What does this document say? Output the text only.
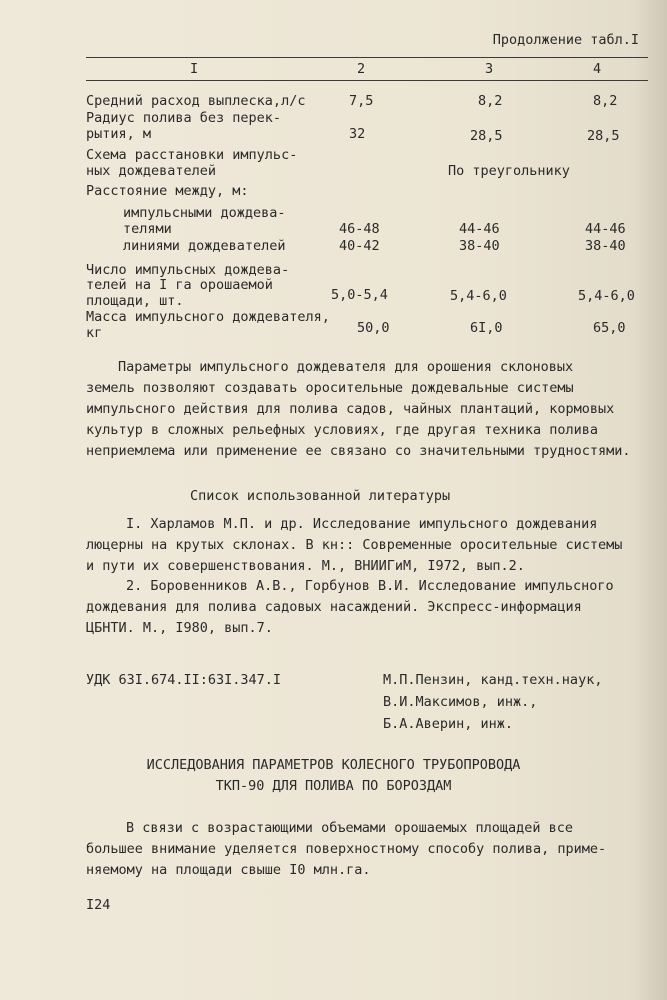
Продолжение табл.I
I	2	3	4
Средний расход выплеска,л/с	7,5	8,2	8,2
Радиус полива без перек-
рытия, м	32	28,5	28,5
Схема расстановки импульс-
ных дождевателей	По треугольнику
Расстояние между, м:
импульсными дождева-
телями	46-48	44-46	44-46
линиями дождевателей	40-42	38-40	38-40
Число импульсных дождева-
телей на I га орошаемой
площади, шт.	5,0-5,4	5,4-6,0	5,4-6,0
Масса импульсного дождевателя,
кг	50,0	6I,0	65,0
Параметры импульсного дождевателя для орошения склоновых
земель позволяют создавать оросительные дождевальные системы
импульсного действия для полива садов, чайных плантаций, кормовых
культур в сложных рельефных условиях, где другая техника полива
неприемлема или применение ее связано со значительными трудностями.
Список использованной литературы
I. Харламов М.П. и др. Исследование импульсного дождевания
люцерны на крутых склонах. В кн:: Современные оросительные системы
и пути их совершенствования. М., ВНИИГиМ, I972, вып.2.
2. Боровенников А.В., Горбунов В.И. Исследование импульсного
дождевания для полива садовых насаждений. Экспресс-информация
ЦБНТИ. М., I980, вып.7.
УДК 63I.674.II:63I.347.I	М.П.Пензин, канд.техн.наук,
В.И.Максимов, инж.,
Б.А.Аверин, инж.
ИССЛЕДОВАНИЯ ПАРАМЕТРОВ КОЛЕСНОГО ТРУБОПРОВОДА
ТКП-90 ДЛЯ ПОЛИВА ПО БОРОЗДАМ
В связи с возрастающими объемами орошаемых площадей все
большее внимание уделяется поверхностному способу полива, приме-
няемому на площади свыше I0 млн.га.
I24
